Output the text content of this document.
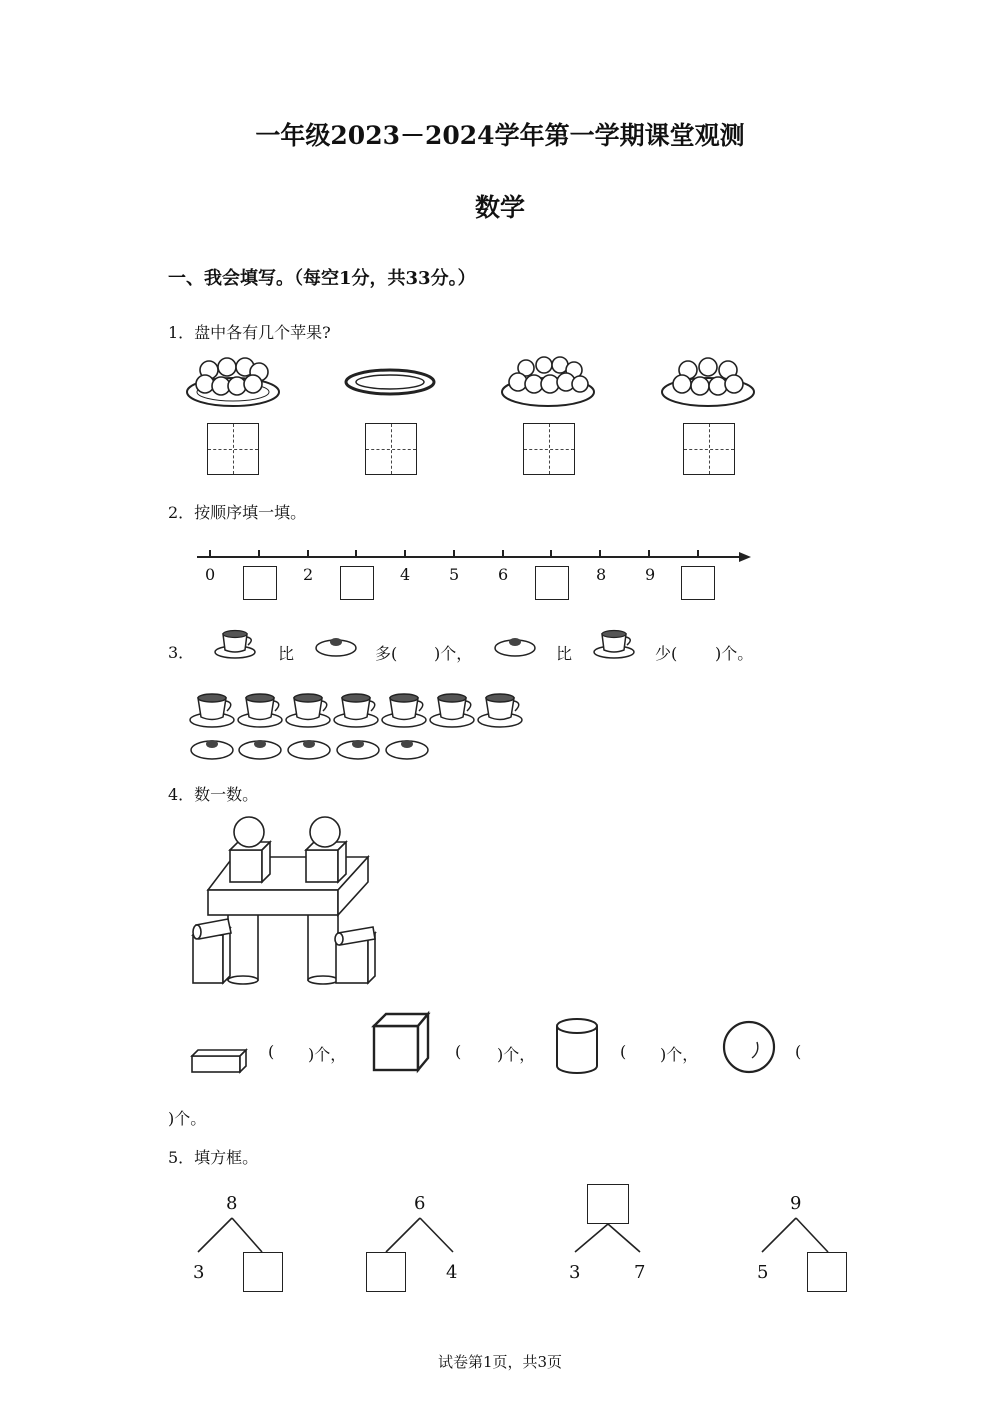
一年级2023－2024学年第一学期课堂观测
数学
一、我会填写。（每空1分，共33分。）
1．盘中各有几个苹果?
2．按顺序填一填。
0	2	4 5 6	8 9
3．	比	多( )个，	比	少( )个。
4．数一数。
( )个，	( )个，	( )个，	(
)个。
5．填方框。
8
3
6
4	3	7
9
5
试卷第1页，共3页
